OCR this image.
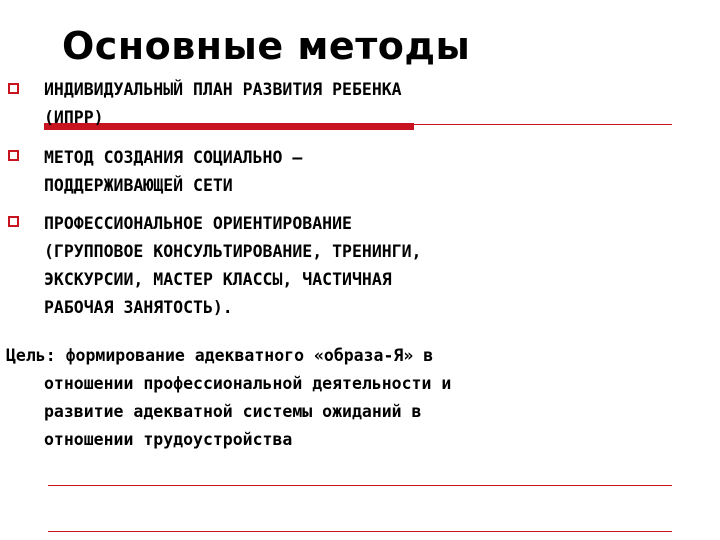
Основные методы
ИНДИВИДУАЛЬНЫЙ ПЛАН РАЗВИТИЯ РЕБЕНКА
(ИПРР)
МЕТОД СОЗДАНИЯ СОЦИАЛЬНО –
ПОДДЕРЖИВАЮЩЕЙ СЕТИ
ПРОФЕССИОНАЛЬНОЕ ОРИЕНТИРОВАНИЕ
(ГРУППОВОЕ КОНСУЛЬТИРОВАНИЕ, ТРЕНИНГИ,
ЭКСКУРСИИ, МАСТЕР КЛАССЫ, ЧАСТИЧНАЯ
РАБОЧАЯ ЗАНЯТОСТЬ).
Цель: формирование адекватного «образа-Я» в
отношении профессиональной деятельности и
развитие адекватной системы ожиданий в
отношении трудоустройства
